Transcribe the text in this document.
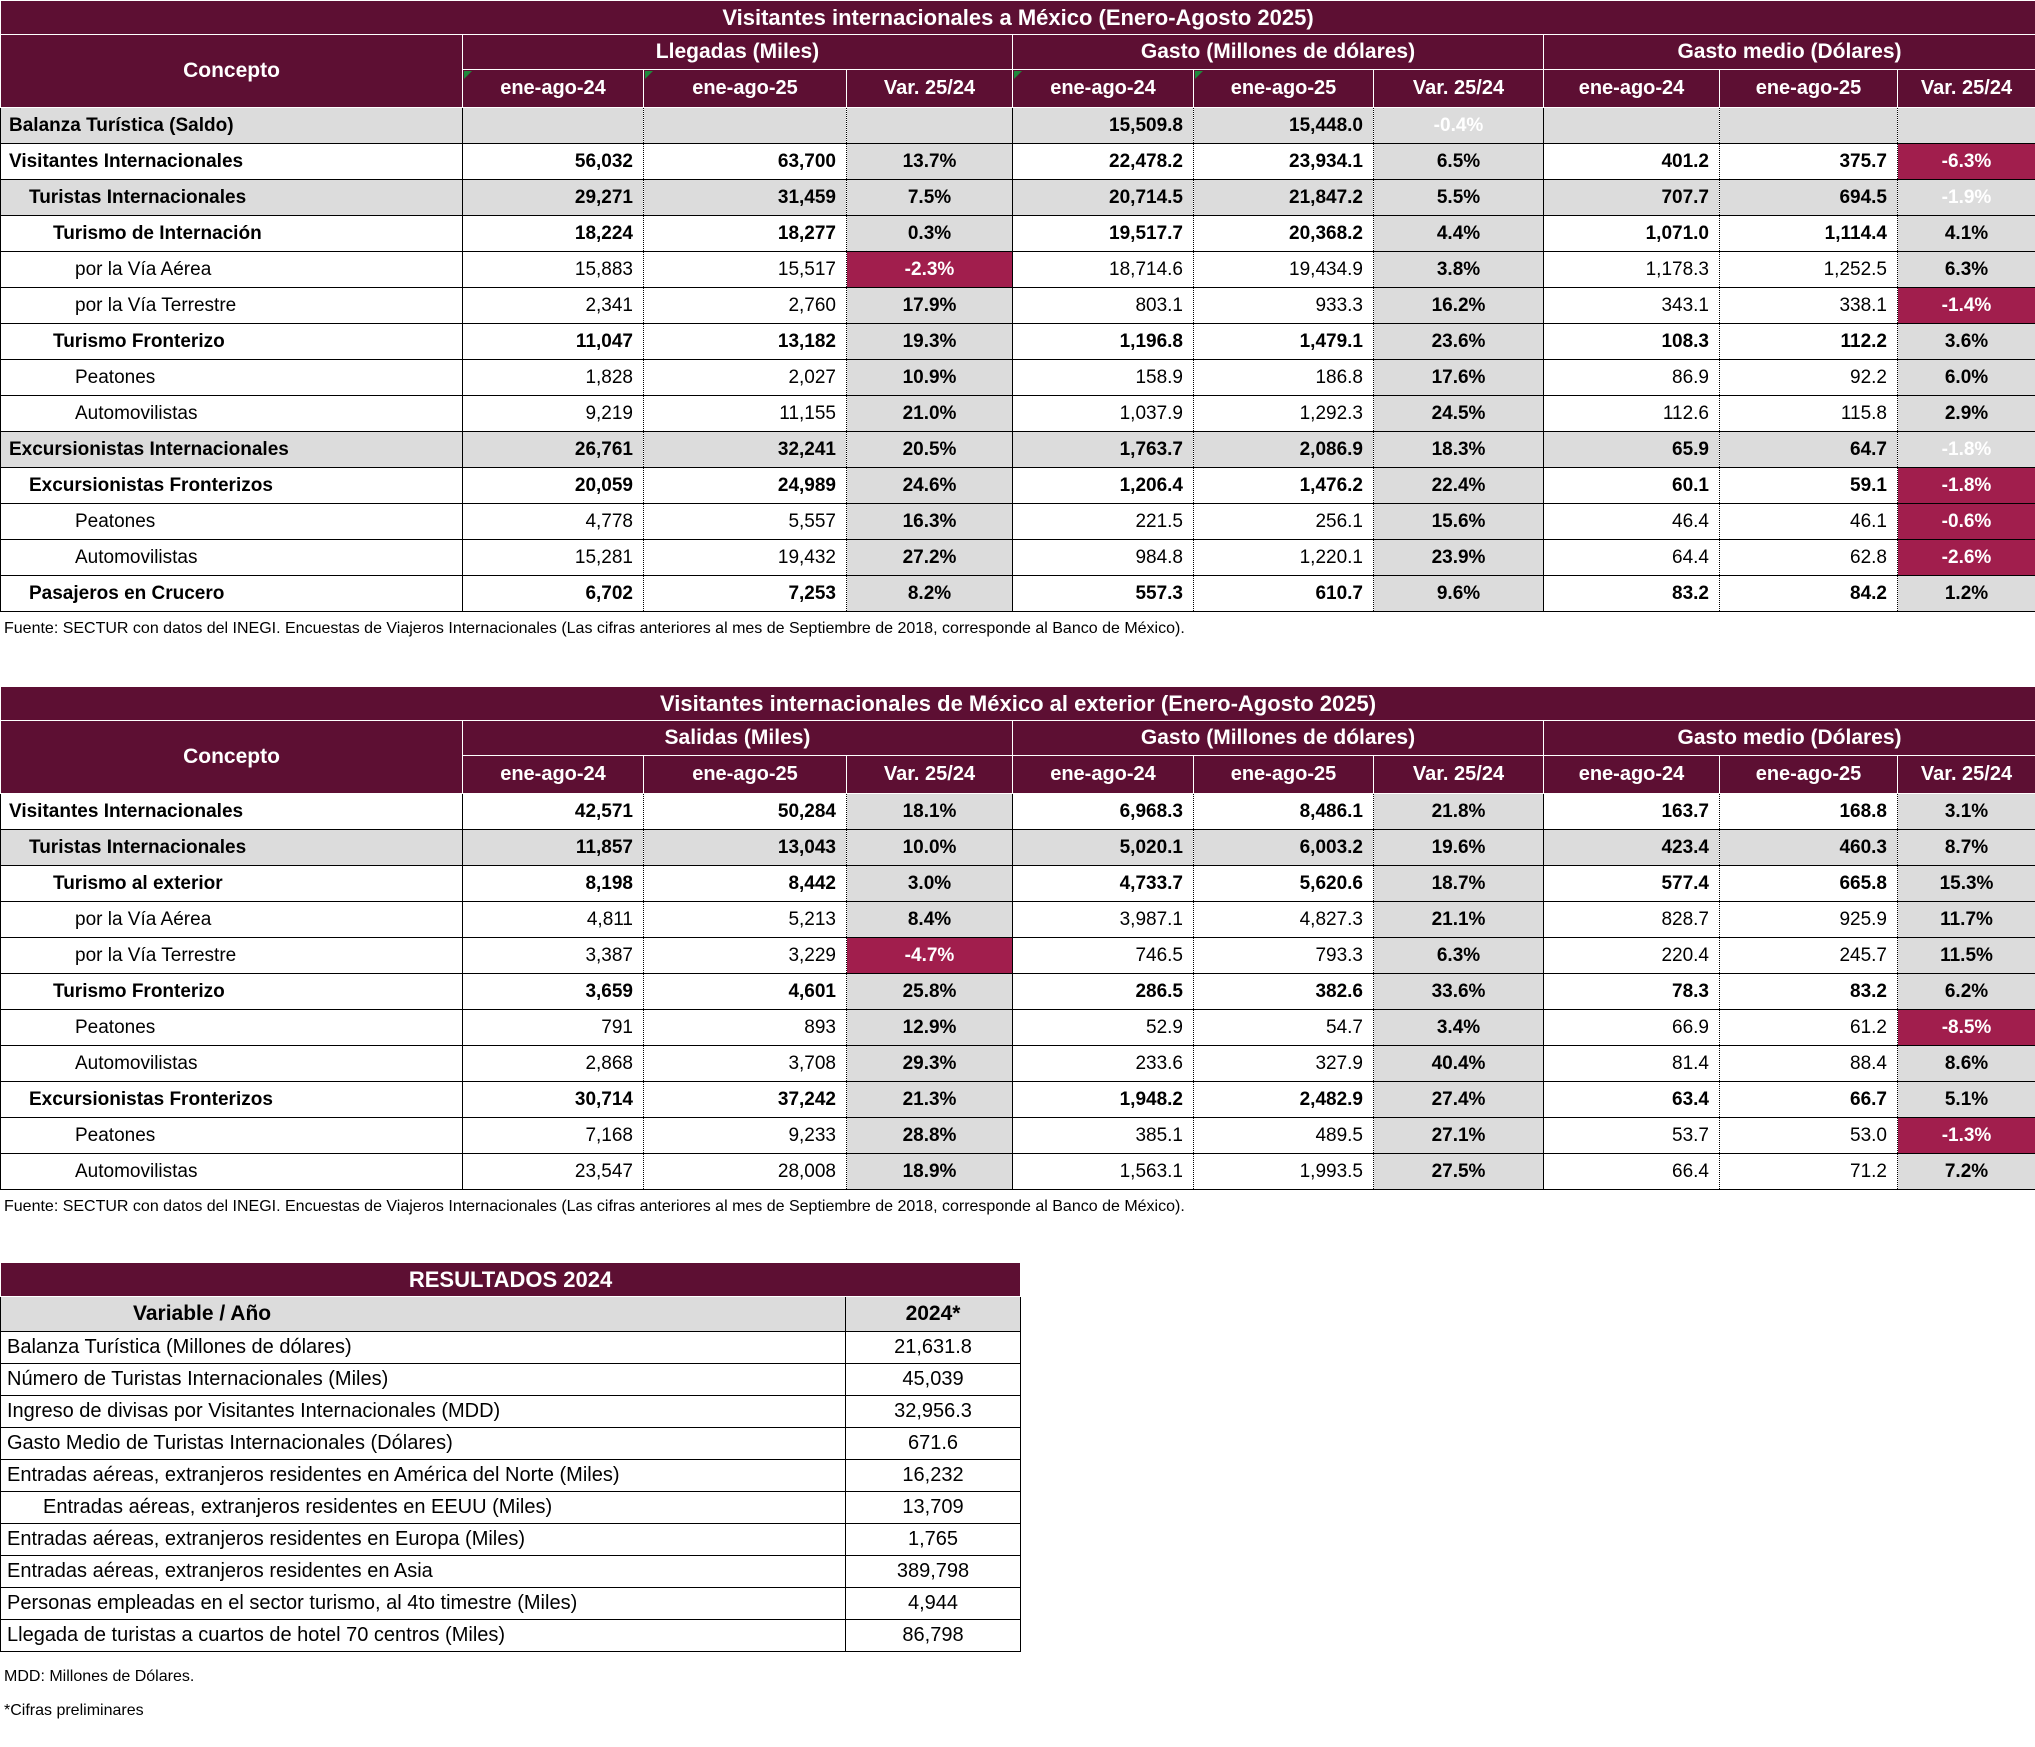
Visitantes internacionales a México (Enero-Agosto 2025)									
Concepto	Llegadas (Miles)			Gasto (Millones de dólares)			Gasto medio (Dólares)		

ene-ago-24	ene-ago-25	Var. 25/24	ene-ago-24	ene-ago-25	Var. 25/24	ene-ago-24	ene-ago-25	Var. 25/24
Balanza Turística (Saldo)				15,509.8	15,448.0	-0.4%			
Visitantes Internacionales	56,032	63,700	13.7%	22,478.2	23,934.1	6.5%	401.2	375.7	-6.3%
Turistas Internacionales	29,271	31,459	7.5%	20,714.5	21,847.2	5.5%	707.7	694.5	-1.9%
Turismo de Internación	18,224	18,277	0.3%	19,517.7	20,368.2	4.4%	1,071.0	1,114.4	4.1%
por la Vía Aérea	15,883	15,517	-2.3%	18,714.6	19,434.9	3.8%	1,178.3	1,252.5	6.3%
por la Vía Terrestre	2,341	2,760	17.9%	803.1	933.3	16.2%	343.1	338.1	-1.4%
Turismo Fronterizo	11,047	13,182	19.3%	1,196.8	1,479.1	23.6%	108.3	112.2	3.6%
Peatones	1,828	2,027	10.9%	158.9	186.8	17.6%	86.9	92.2	6.0%
Automovilistas	9,219	11,155	21.0%	1,037.9	1,292.3	24.5%	112.6	115.8	2.9%
Excursionistas Internacionales	26,761	32,241	20.5%	1,763.7	2,086.9	18.3%	65.9	64.7	-1.8%
Excursionistas Fronterizos	20,059	24,989	24.6%	1,206.4	1,476.2	22.4%	60.1	59.1	-1.8%
Peatones	4,778	5,557	16.3%	221.5	256.1	15.6%	46.4	46.1	-0.6%
Automovilistas	15,281	19,432	27.2%	984.8	1,220.1	23.9%	64.4	62.8	-2.6%
Pasajeros en Crucero	6,702	7,253	8.2%	557.3	610.7	9.6%	83.2	84.2	1.2%

Fuente: SECTUR con datos del INEGI. Encuestas de Viajeros Internacionales (Las cifras anteriores al mes de Septiembre de 2018, corresponde al Banco de México).

Visitantes internacionales de México al exterior (Enero-Agosto 2025)									
Concepto	Salidas (Miles)			Gasto (Millones de dólares)			Gasto medio (Dólares)		
	ene-ago-24	ene-ago-25	Var. 25/24	ene-ago-24	ene-ago-25	Var. 25/24	ene-ago-24	ene-ago-25	Var. 25/24
Visitantes Internacionales	42,571	50,284	18.1%	6,968.3	8,486.1	21.8%	163.7	168.8	3.1%
Turistas Internacionales	11,857	13,043	10.0%	5,020.1	6,003.2	19.6%	423.4	460.3	8.7%
Turismo al exterior	8,198	8,442	3.0%	4,733.7	5,620.6	18.7%	577.4	665.8	15.3%
por la Vía Aérea	4,811	5,213	8.4%	3,987.1	4,827.3	21.1%	828.7	925.9	11.7%
por la Vía Terrestre	3,387	3,229	-4.7%	746.5	793.3	6.3%	220.4	245.7	11.5%
Turismo Fronterizo	3,659	4,601	25.8%	286.5	382.6	33.6%	78.3	83.2	6.2%
Peatones	791	893	12.9%	52.9	54.7	3.4%	66.9	61.2	-8.5%
Automovilistas	2,868	3,708	29.3%	233.6	327.9	40.4%	81.4	88.4	8.6%
Excursionistas Fronterizos	30,714	37,242	21.3%	1,948.2	2,482.9	27.4%	63.4	66.7	5.1%
Peatones	7,168	9,233	28.8%	385.1	489.5	27.1%	53.7	53.0	-1.3%
Automovilistas	23,547	28,008	18.9%	1,563.1	1,993.5	27.5%	66.4	71.2	7.2%

Fuente: SECTUR con datos del INEGI. Encuestas de Viajeros Internacionales (Las cifras anteriores al mes de Septiembre de 2018, corresponde al Banco de México).

RESULTADOS 2024	
Variable / Año	2024*
Balanza Turística (Millones de dólares)	21,631.8
Número de Turistas Internacionales (Miles)	45,039
Ingreso de divisas por Visitantes Internacionales (MDD)	32,956.3
Gasto Medio de Turistas Internacionales (Dólares)	671.6
Entradas aéreas, extranjeros residentes en América del Norte (Miles)	16,232
Entradas aéreas, extranjeros residentes en EEUU (Miles)	13,709
Entradas aéreas, extranjeros residentes en Europa (Miles)	1,765
Entradas aéreas, extranjeros residentes en Asia	389,798
Personas empleadas en el sector turismo, al 4to timestre (Miles)	4,944
Llegada de turistas a cuartos de hotel 70 centros (Miles)	86,798

MDD: Millones de Dólares.

*Cifras preliminares
